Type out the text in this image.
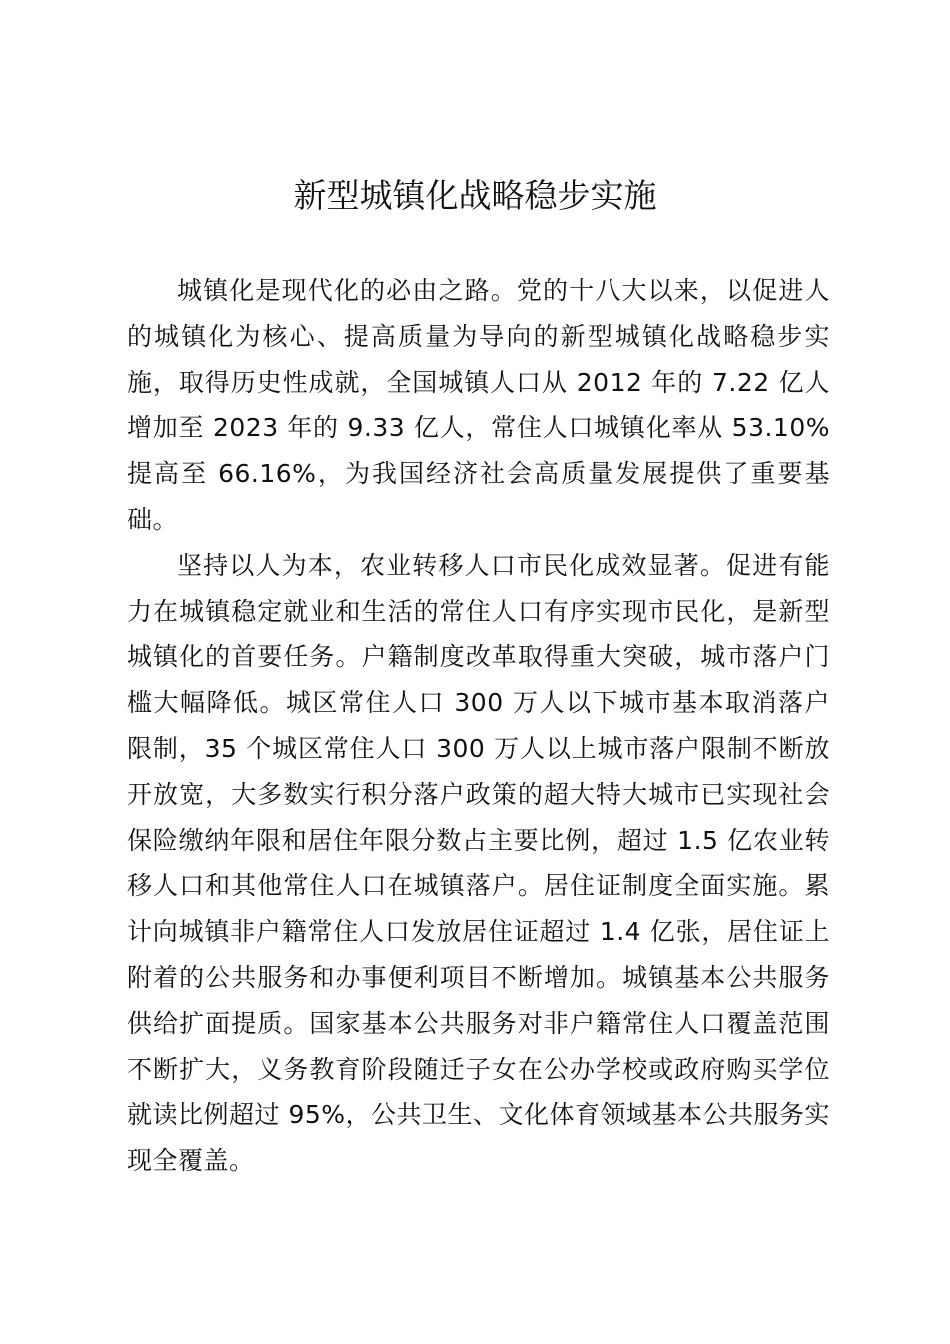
新型城镇化战略稳步实施

城镇化是现代化的必由之路。党的十八大以来，以促进人的城镇化为核心、提高质量为导向的新型城镇化战略稳步实施，取得历史性成就，全国城镇人口从 2012 年的 7.22 亿人增加至 2023 年的 9.33 亿人，常住人口城镇化率从 53.10%提高至 66.16%，为我国经济社会高质量发展提供了重要基础。

坚持以人为本，农业转移人口市民化成效显著。促进有能力在城镇稳定就业和生活的常住人口有序实现市民化，是新型城镇化的首要任务。户籍制度改革取得重大突破，城市落户门槛大幅降低。城区常住人口 300 万人以下城市基本取消落户限制，35 个城区常住人口 300 万人以上城市落户限制不断放开放宽，大多数实行积分落户政策的超大特大城市已实现社会保险缴纳年限和居住年限分数占主要比例，超过 1.5 亿农业转移人口和其他常住人口在城镇落户。居住证制度全面实施。累计向城镇非户籍常住人口发放居住证超过 1.4 亿张，居住证上附着的公共服务和办事便利项目不断增加。城镇基本公共服务供给扩面提质。国家基本公共服务对非户籍常住人口覆盖范围不断扩大，义务教育阶段随迁子女在公办学校或政府购买学位就读比例超过 95%，公共卫生、文化体育领域基本公共服务实现全覆盖。
